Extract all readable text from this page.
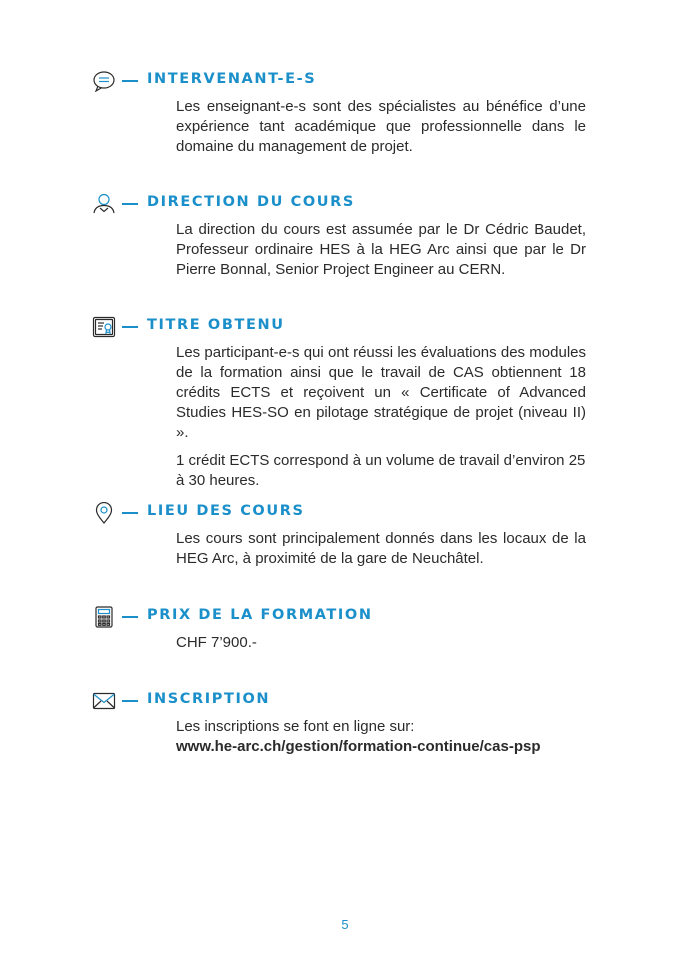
INTERVENANT-E-S

Les enseignant-e-s sont des spécialistes au bénéfice d’une expérience tant académique que professionnelle dans le domaine du management de projet.

DIRECTION DU COURS

La direction du cours est assumée par le Dr Cédric Baudet, Professeur ordinaire HES à la HEG Arc ainsi que par le Dr Pierre Bonnal, Senior Project Engineer au CERN.

TITRE OBTENU

Les participant-e-s qui ont réussi les évaluations des modules de la formation ainsi que le travail de CAS obtiennent 18 crédits ECTS et reçoivent un « Certificate of Advanced Studies HES-SO en pilotage stratégique de projet (niveau II) ».

1 crédit ECTS correspond à un volume de travail d’environ 25 à 30 heures.

LIEU DES COURS

Les cours sont principalement donnés dans les locaux de la HEG Arc, à proximité de la gare de Neuchâtel.

PRIX DE LA FORMATION

CHF 7’900.-

INSCRIPTION

Les inscriptions se font en ligne sur:

www.he-arc.ch/gestion/formation-continue/cas-psp

5
